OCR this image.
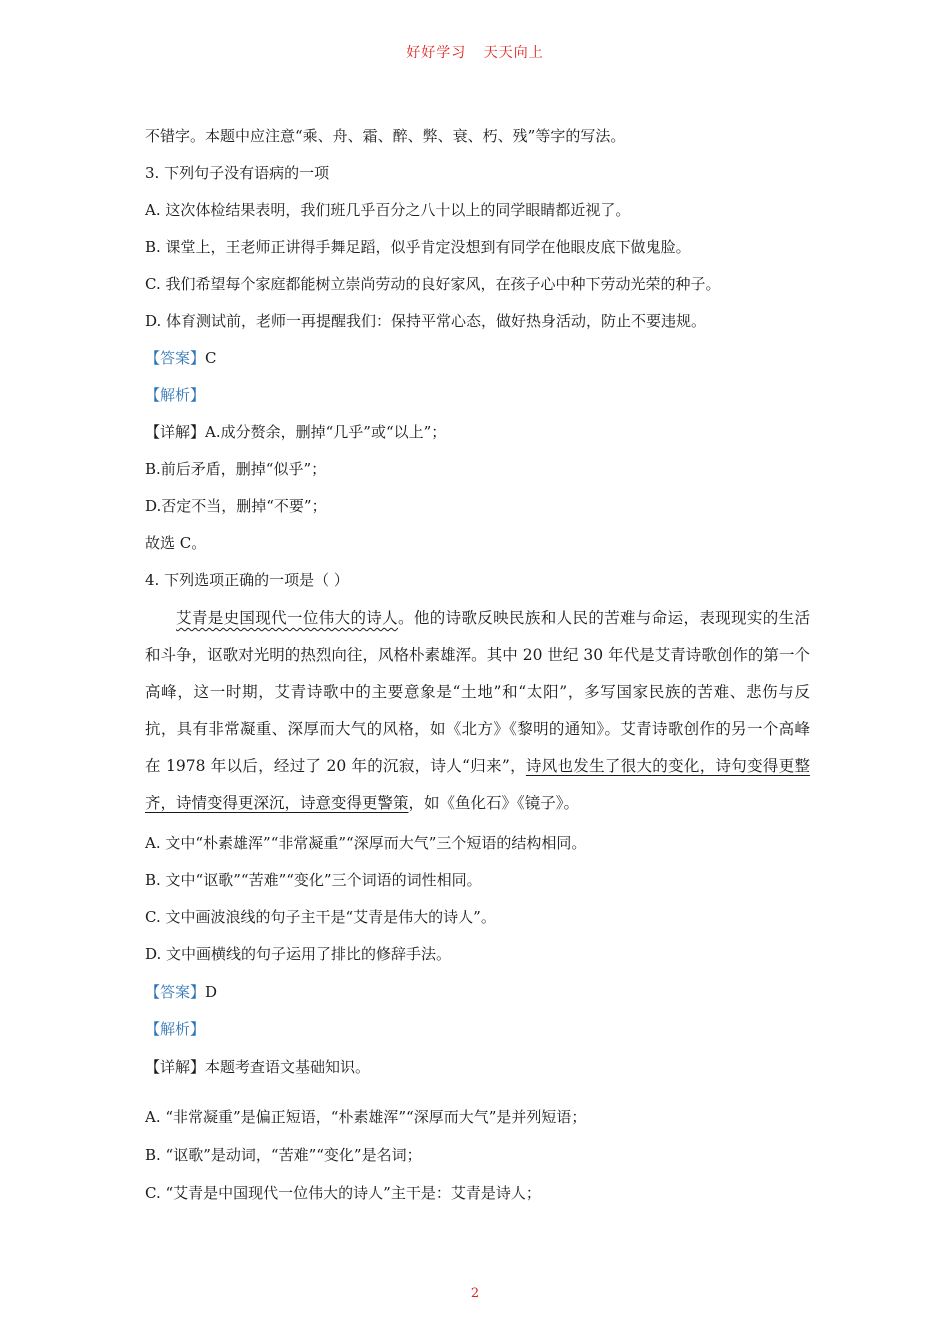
好好学习 天天向上
不错字。本题中应注意“乘、舟、霜、醉、弊、衰、朽、残”等字的写法。
3. 下列句子没有语病的一项
A. 这次体检结果表明，我们班几乎百分之八十以上的同学眼睛都近视了。
B. 课堂上，王老师正讲得手舞足蹈，似乎肯定没想到有同学在他眼皮底下做鬼脸。
C. 我们希望每个家庭都能树立崇尚劳动的良好家风，在孩子心中种下劳动光荣的种子。
D. 体育测试前，老师一再提醒我们：保持平常心态，做好热身活动，防止不要违规。
【答案】C
【解析】
【详解】A.成分赘余，删掉“几乎”或“以上”；
B.前后矛盾，删掉“似乎”；
D.否定不当，删掉“不要”；
故选 C。
4. 下列选项正确的一项是（ ）

艾青是史国现代一位伟大的诗人。他的诗歌反映民族和人民的苦难与命运，表现现实的生活和斗争，讴歌对光明的热烈向往，风格朴素雄浑。其中 20 世纪 30 年代是艾青诗歌创作的第一个高峰，这一时期，艾青诗歌中的主要意象是“土地”和“太阳”，多写国家民族的苦难、悲伤与反抗，具有非常凝重、深厚而大气的风格，如《北方》《黎明的通知》。艾青诗歌创作的另一个高峰在 1978 年以后，经过了 20 年的沉寂，诗人“归来”，诗风也发生了很大的变化，诗句变得更整齐，诗情变得更深沉，诗意变得更警策，如《鱼化石》《镜子》。

A. 文中“朴素雄浑”“非常凝重”“深厚而大气”三个短语的结构相同。
B. 文中“讴歌”“苦难”“变化”三个词语的词性相同。
C. 文中画波浪线的句子主干是“艾青是伟大的诗人”。
D. 文中画横线的句子运用了排比的修辞手法。
【答案】D
【解析】
【详解】本题考查语文基础知识。
A. “非常凝重”是偏正短语，“朴素雄浑”“深厚而大气”是并列短语；
B. “讴歌”是动词，“苦难”“变化”是名词；
C. “艾青是中国现代一位伟大的诗人”主干是：艾青是诗人；
2
